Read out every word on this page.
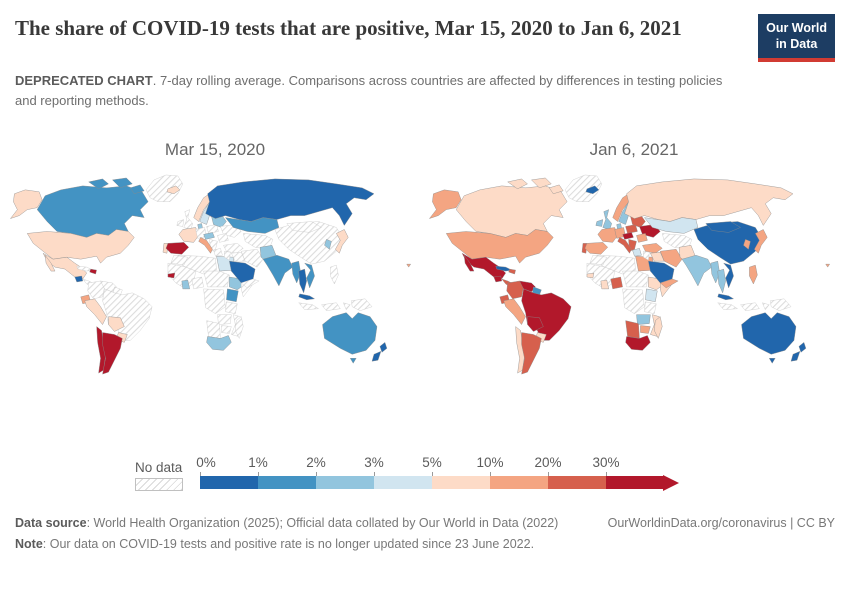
The share of COVID-19 tests that are positive, Mar 15, 2020 to Jan 6, 2021	Our World
in Data

DEPRECATED CHART. 7-day rolling average. Comparisons across countries are affected by differences in testing policies and reporting methods.

Mar 15, 2020	Jan 6, 2021
No data 0% 1%	2%	3%	5%	10% 20% 30%
Data source: World Health Organization (2025); Official data collated by Our World in Data (2022)	OurWorldinData.org/coronavirus | CC BY
Note: Our data on COVID-19 tests and positive rate is no longer updated since 23 June 2022.
